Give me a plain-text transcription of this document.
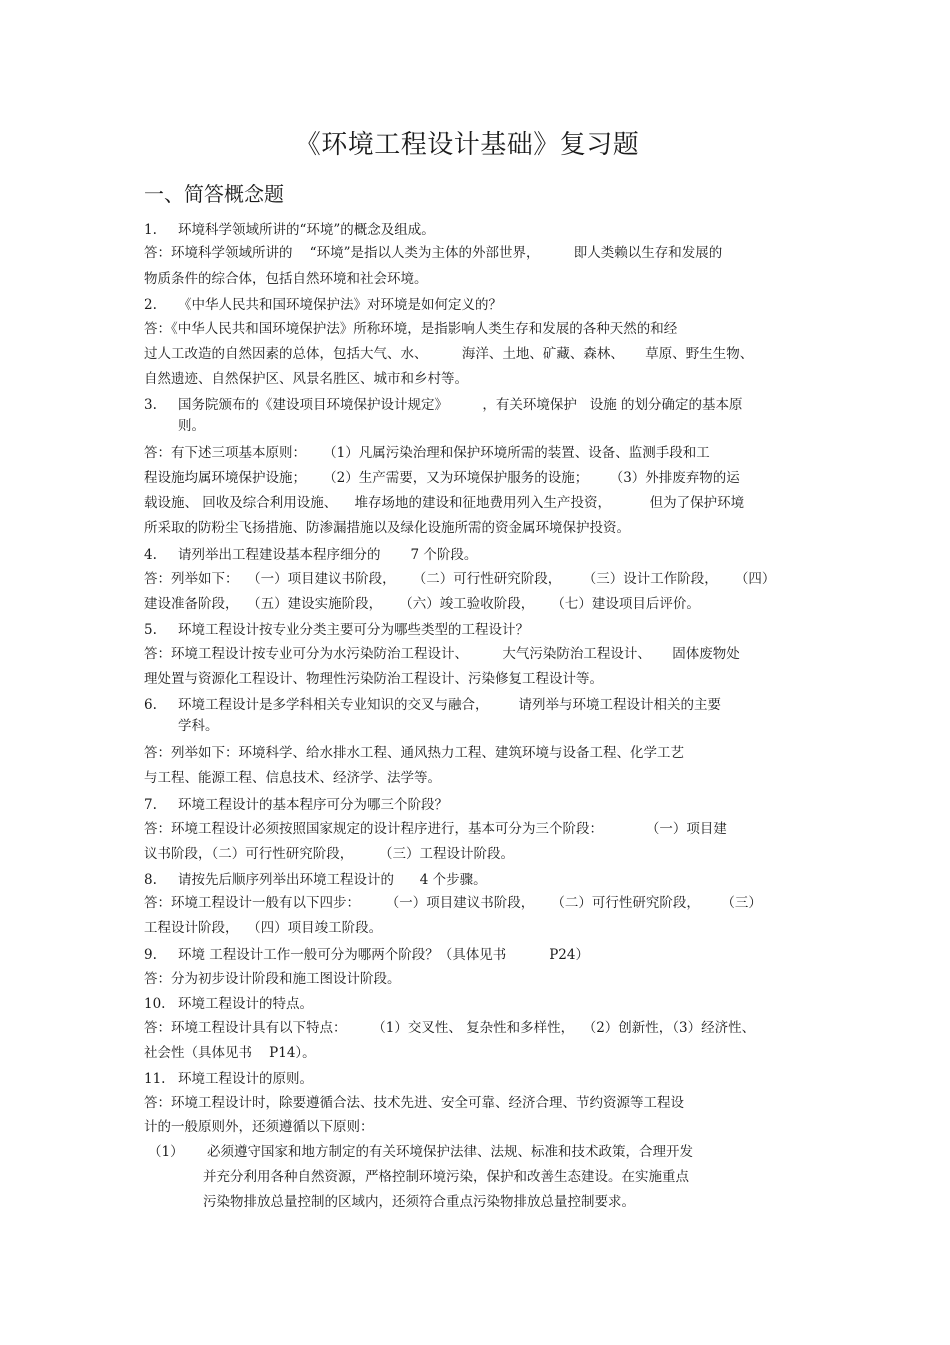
《环境工程设计基础》复习题
一、简答概念题
1. 环境科学领域所讲的“环境”的概念及组成。
答：环境科学领域所讲的    “环境”是指以人类为主体的外部世界，        即人类赖以生存和发展的
物质条件的综合体，包括自然环境和社会环境。
2. 《中华人民共和国环境保护法》对环境是如何定义的？
答：《中华人民共和国环境保护法》所称环境，是指影响人类生存和发展的各种天然的和经
过人工改造的自然因素的总体，包括大气、水、        海洋、土地、矿藏、森林、     草原、野生生物、
自然遗迹、自然保护区、风景名胜区、城市和乡村等。
3. 国务院颁布的《建设项目环境保护设计规定》        ，有关环境保护   设施 的划分确定的基本原
则。
答：有下述三项基本原则：    （1）凡属污染治理和保护环境所需的装置、设备、监测手段和工
程设施均属环境保护设施；    （2）生产需要，又为环境保护服务的设施；     （3）外排废弃物的运
载设施、 回收及综合利用设施、    堆存场地的建设和征地费用列入生产投资，         但为了保护环境
所采取的防粉尘飞扬措施、防渗漏措施以及绿化设施所需的资金属环境保护投资。
4. 请列举出工程建设基本程序细分的       7 个阶段。
答：列举如下：  （一）项目建议书阶段，    （二）可行性研究阶段，     （三）设计工作阶段，    （四）
建设准备阶段，  （五）建设实施阶段，    （六）竣工验收阶段，    （七）建设项目后评价。
5. 环境工程设计按专业分类主要可分为哪些类型的工程设计？
答：环境工程设计按专业可分为水污染防治工程设计、        大气污染防治工程设计、     固体废物处
理处置与资源化工程设计、物理性污染防治工程设计、污染修复工程设计等。
6. 环境工程设计是多学科相关专业知识的交叉与融合，       请列举与环境工程设计相关的主要
学科。
答：列举如下：环境科学、给水排水工程、通风热力工程、建筑环境与设备工程、化学工艺
与工程、能源工程、信息技术、经济学、法学等。
7. 环境工程设计的基本程序可分为哪三个阶段？
答：环境工程设计必须按照国家规定的设计程序进行，基本可分为三个阶段：          （一）项目建
议书阶段，（二）可行性研究阶段，      （三）工程设计阶段。
8. 请按先后顺序列举出环境工程设计的      4 个步骤。
答：环境工程设计一般有以下四步：      （一）项目建议书阶段，    （二）可行性研究阶段，     （三）
工程设计阶段，  （四）项目竣工阶段。
9. 环境 工程设计工作一般可分为哪两个阶段？（具体见书          P24）
答：分为初步设计阶段和施工图设计阶段。
10. 环境工程设计的特点。
答：环境工程设计具有以下特点：      （1）交叉性、 复杂性和多样性，  （2）创新性，（3）经济性、
社会性（具体见书    P14）。
11. 环境工程设计的原则。
答：环境工程设计时，除要遵循合法、技术先进、安全可靠、经济合理、节约资源等工程设
计的一般原则外，还须遵循以下原则：
（1） 必须遵守国家和地方制定的有关环境保护法律、法规、标准和技术政策，合理开发
并充分利用各种自然资源，严格控制环境污染，保护和改善生态建设。在实施重点
污染物排放总量控制的区域内，还须符合重点污染物排放总量控制要求。
